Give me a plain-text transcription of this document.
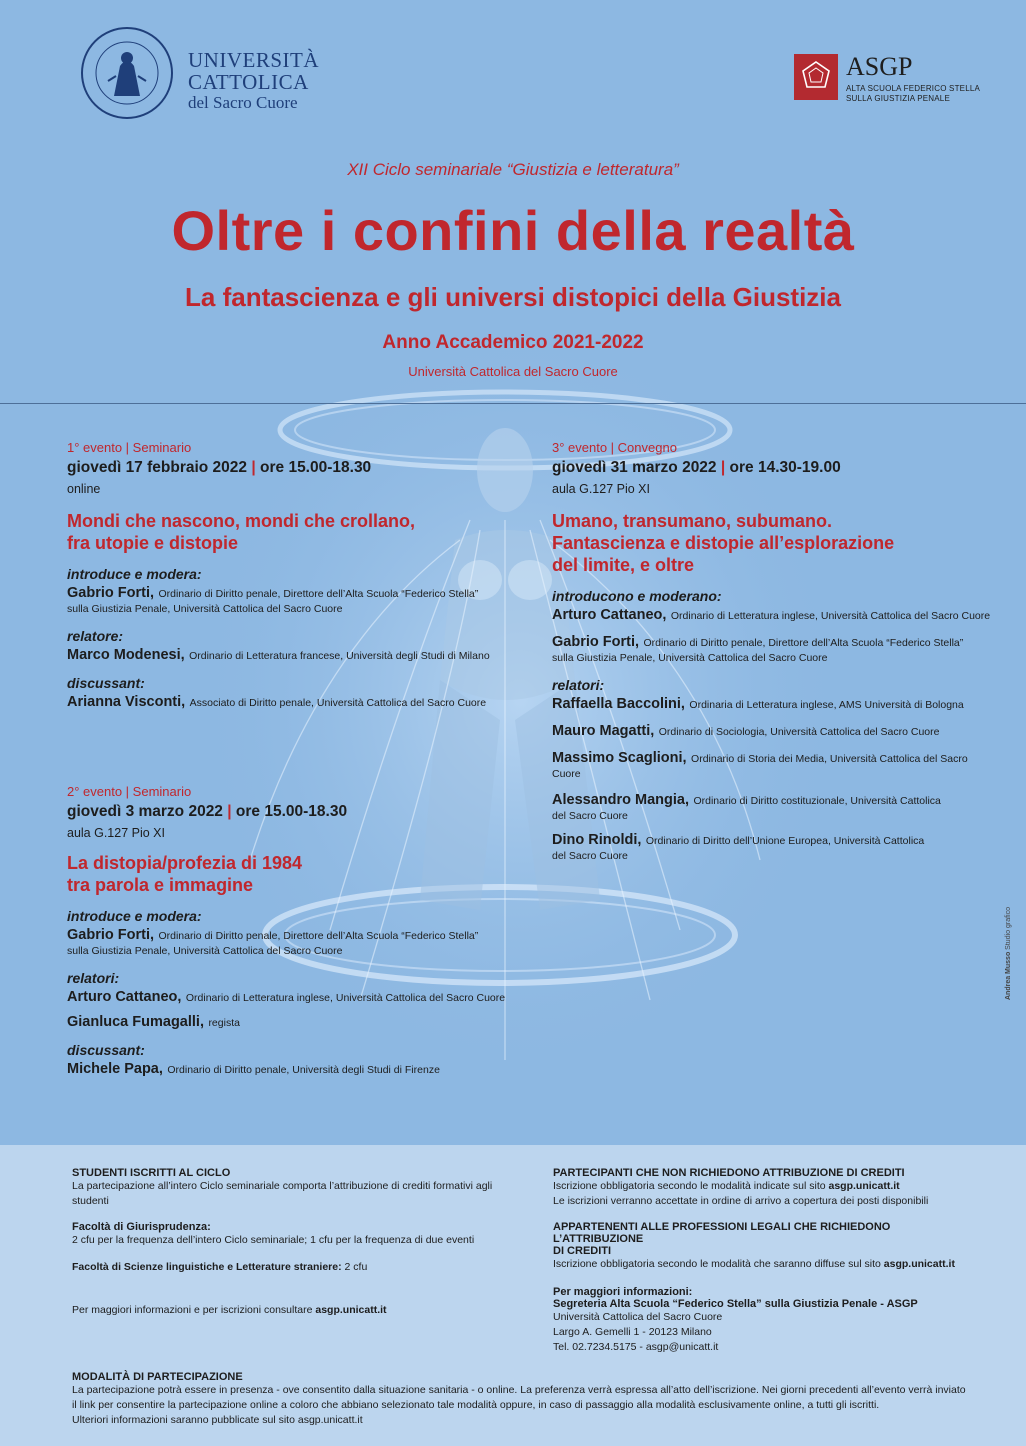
UNIVERSITÀ
CATTOLICA
del Sacro Cuore
ASGP
ALTA SCUOLA FEDERICO STELLA
SULLA GIUSTIZIA PENALE
XII Ciclo seminariale “Giustizia e letteratura”
Oltre i confini della realtà
La fantascienza e gli universi distopici della Giustizia
Anno Accademico 2021-2022
Università Cattolica del Sacro Cuore
1° evento | Seminario
giovedì 17 febbraio 2022 | ore 15.00-18.30
online
Mondi che nascono, mondi che crollano,
fra utopie e distopie
introduce e modera:
Gabrio Forti, Ordinario di Diritto penale, Direttore dell’Alta Scuola “Federico Stella”
sulla Giustizia Penale, Università Cattolica del Sacro Cuore
relatore:
Marco Modenesi, Ordinario di Letteratura francese, Università degli Studi di Milano
discussant:
Arianna Visconti, Associato di Diritto penale, Università Cattolica del Sacro Cuore
2° evento | Seminario
giovedì 3 marzo 2022 | ore 15.00-18.30
aula G.127 Pio XI
La distopia/profezia di 1984
tra parola e immagine
introduce e modera:
Gabrio Forti, Ordinario di Diritto penale, Direttore dell’Alta Scuola “Federico Stella”
sulla Giustizia Penale, Università Cattolica del Sacro Cuore
relatori:
Arturo Cattaneo, Ordinario di Letteratura inglese, Università Cattolica del Sacro Cuore
Gianluca Fumagalli, regista
discussant:
Michele Papa, Ordinario di Diritto penale, Università degli Studi di Firenze
3° evento | Convegno
giovedì 31 marzo 2022 | ore 14.30-19.00
aula G.127 Pio XI
Umano, transumano, subumano.
Fantascienza e distopie all’esplorazione
del limite, e oltre
introducono e moderano:
Arturo Cattaneo, Ordinario di Letteratura inglese, Università Cattolica del Sacro Cuore
Gabrio Forti, Ordinario di Diritto penale, Direttore dell’Alta Scuola “Federico Stella”
sulla Giustizia Penale, Università Cattolica del Sacro Cuore
relatori:
Raffaella Baccolini, Ordinaria di Letteratura inglese, AMS Università di Bologna
Mauro Magatti, Ordinario di Sociologia, Università Cattolica del Sacro Cuore
Massimo Scaglioni, Ordinario di Storia dei Media, Università Cattolica del Sacro Cuore
Alessandro Mangia, Ordinario di Diritto costituzionale, Università Cattolica
del Sacro Cuore
Dino Rinoldi, Ordinario di Diritto dell’Unione Europea, Università Cattolica
del Sacro Cuore
Andrea Musso Studio grafico
STUDENTI ISCRITTI AL CICLO
La partecipazione all’intero Ciclo seminariale comporta l’attribuzione di crediti formativi agli studenti
Facoltà di Giurisprudenza:
2 cfu per la frequenza dell’intero Ciclo seminariale; 1 cfu per la frequenza di due eventi
Facoltà di Scienze linguistiche e Letterature straniere: 2 cfu
Per maggiori informazioni e per iscrizioni consultare asgp.unicatt.it
PARTECIPANTI CHE NON RICHIEDONO ATTRIBUZIONE DI CREDITI
Iscrizione obbligatoria secondo le modalità indicate sul sito asgp.unicatt.it
Le iscrizioni verranno accettate in ordine di arrivo a copertura dei posti disponibili
APPARTENENTI ALLE PROFESSIONI LEGALI CHE RICHIEDONO L’ATTRIBUZIONE
DI CREDITI
Iscrizione obbligatoria secondo le modalità che saranno diffuse sul sito asgp.unicatt.it
Per maggiori informazioni:
Segreteria Alta Scuola “Federico Stella” sulla Giustizia Penale - ASGP
Università Cattolica del Sacro Cuore
Largo A. Gemelli 1 - 20123 Milano
Tel. 02.7234.5175 - asgp@unicatt.it
MODALITÀ DI PARTECIPAZIONE
La partecipazione potrà essere in presenza - ove consentito dalla situazione sanitaria - o online. La preferenza verrà espressa all’atto dell’iscrizione. Nei giorni precedenti all’evento verrà inviato
il link per consentire la partecipazione online a coloro che abbiano selezionato tale modalità oppure, in caso di passaggio alla modalità esclusivamente online, a tutti gli iscritti.
Ulteriori informazioni saranno pubblicate sul sito asgp.unicatt.it
